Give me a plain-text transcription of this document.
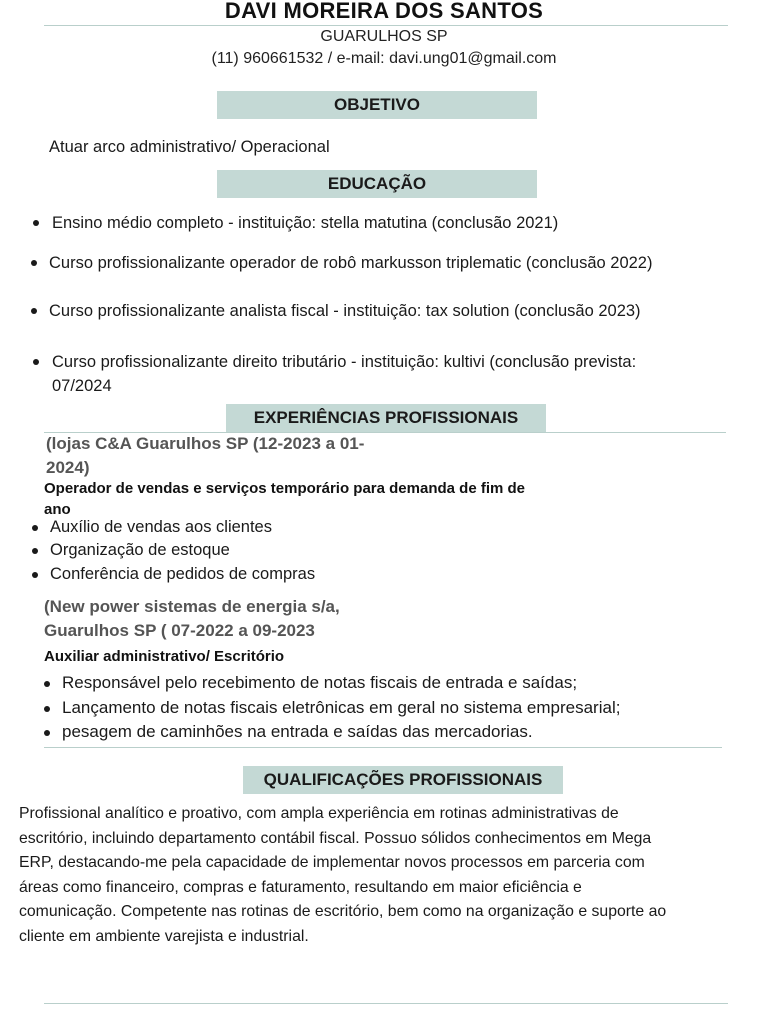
DAVI MOREIRA DOS SANTOS
GUARULHOS SP
(11) 960661532 / e-mail: davi.ung01@gmail.com
OBJETIVO
Atuar arco administrativo/ Operacional
EDUCAÇÃO
Ensino médio completo - instituição: stella matutina (conclusão 2021)
Curso profissionalizante operador de robô markusson triplematic (conclusão 2022)
Curso profissionalizante analista fiscal - instituição: tax solution (conclusão 2023)
Curso profissionalizante direito tributário - instituição: kultivi (conclusão prevista: 07/2024
EXPERIÊNCIAS PROFISSIONAIS
(lojas C&A Guarulhos SP (12-2023 a 01-2024)
Operador de vendas e serviços temporário para demanda de fim de ano
Auxílio de vendas aos clientes
Organização de estoque
Conferência de pedidos de compras
(New power sistemas de energia s/a, Guarulhos SP ( 07-2022 a 09-2023
Auxiliar administrativo/ Escritório
Responsável pelo recebimento de notas fiscais de entrada e saídas;
Lançamento de notas fiscais eletrônicas em geral no sistema empresarial;
pesagem de caminhões na entrada e saídas das mercadorias.
QUALIFICAÇÕES PROFISSIONAIS
Profissional analítico e proativo, com ampla experiência em rotinas administrativas de escritório, incluindo departamento contábil fiscal. Possuo sólidos conhecimentos em Mega ERP, destacando-me pela capacidade de implementar novos processos em parceria com áreas como financeiro, compras e faturamento, resultando em maior eficiência e comunicação. Competente nas rotinas de escritório, bem como na organização e suporte ao cliente em ambiente varejista e industrial.
